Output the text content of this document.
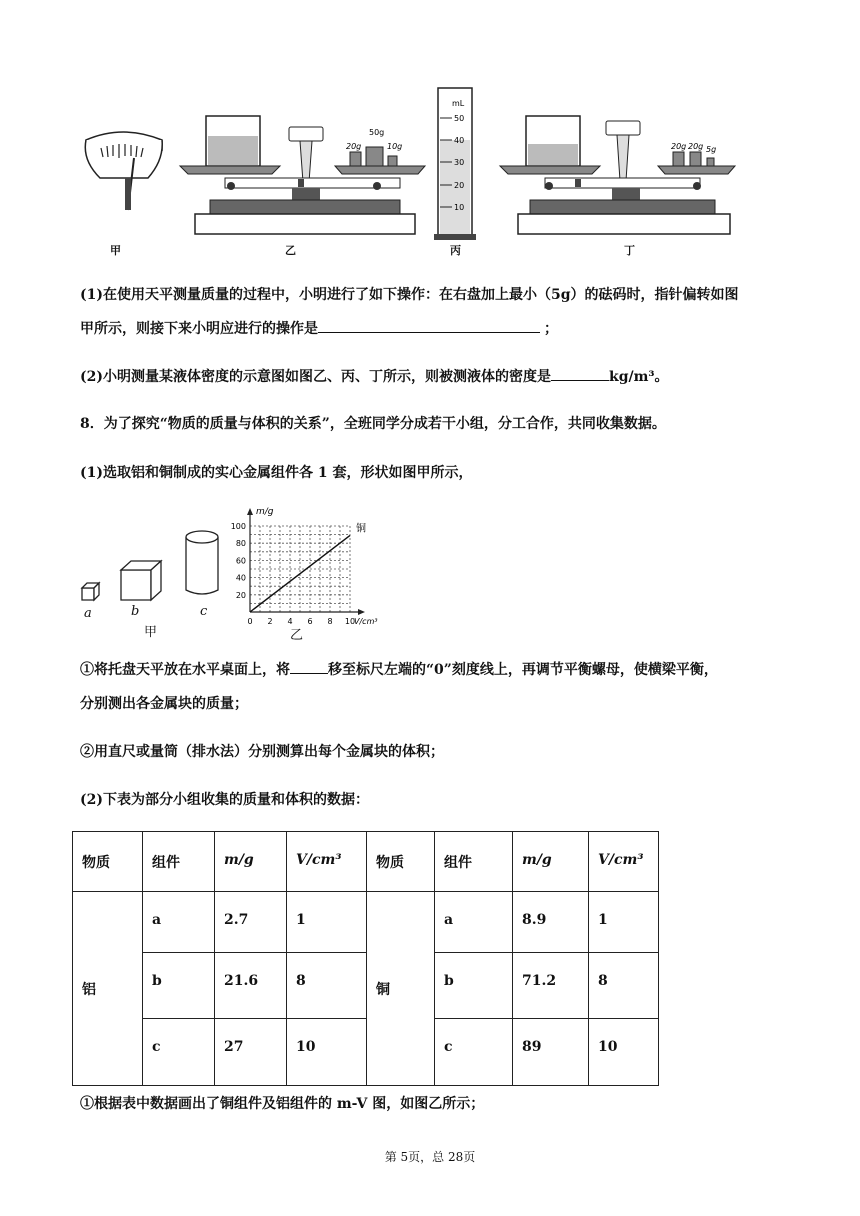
20g
50g
10g
mL
50
40
30
20
10
20g 20g 5g
甲	乙	丙	丁
(1)在使用天平测量质量的过程中，小明进行了如下操作：在右盘加上最小（5g）的砝码时，指针偏转如图
甲所示，则接下来小明应进行的操作是	；
(2)小明测量某液体密度的示意图如图乙、丙、丁所示，则被测液体的密度是	kg/m³。
8．为了探究“物质的质量与体积的关系”，全班同学分成若干小组，分工合作，共同收集数据。
(1)选取铝和铜制成的实心金属组件各 1 套，形状如图甲所示，
a	b	c
甲
m/g
V/cm³
铜
100
80
60
40
20
0 2 4 6 8 10
乙
①将托盘天平放在水平桌面上，将	移至标尺左端的“0”刻度线上，再调节平衡螺母，使横梁平衡，
分别测出各金属块的质量；
②用直尺或量筒（排水法）分别测算出每个金属块的体积；
(2)下表为部分小组收集的质量和体积的数据：
物质	组件	m/g	V/cm³	物质	组件	m/g	V/cm³
铝	a	2.7	1	铜	a	8.9	1
	b	21.6	8		b	71.2	8
	c	27	10		c	89	10
①根据表中数据画出了铜组件及铝组件的 m-V 图，如图乙所示；
第 5页，总 28页
